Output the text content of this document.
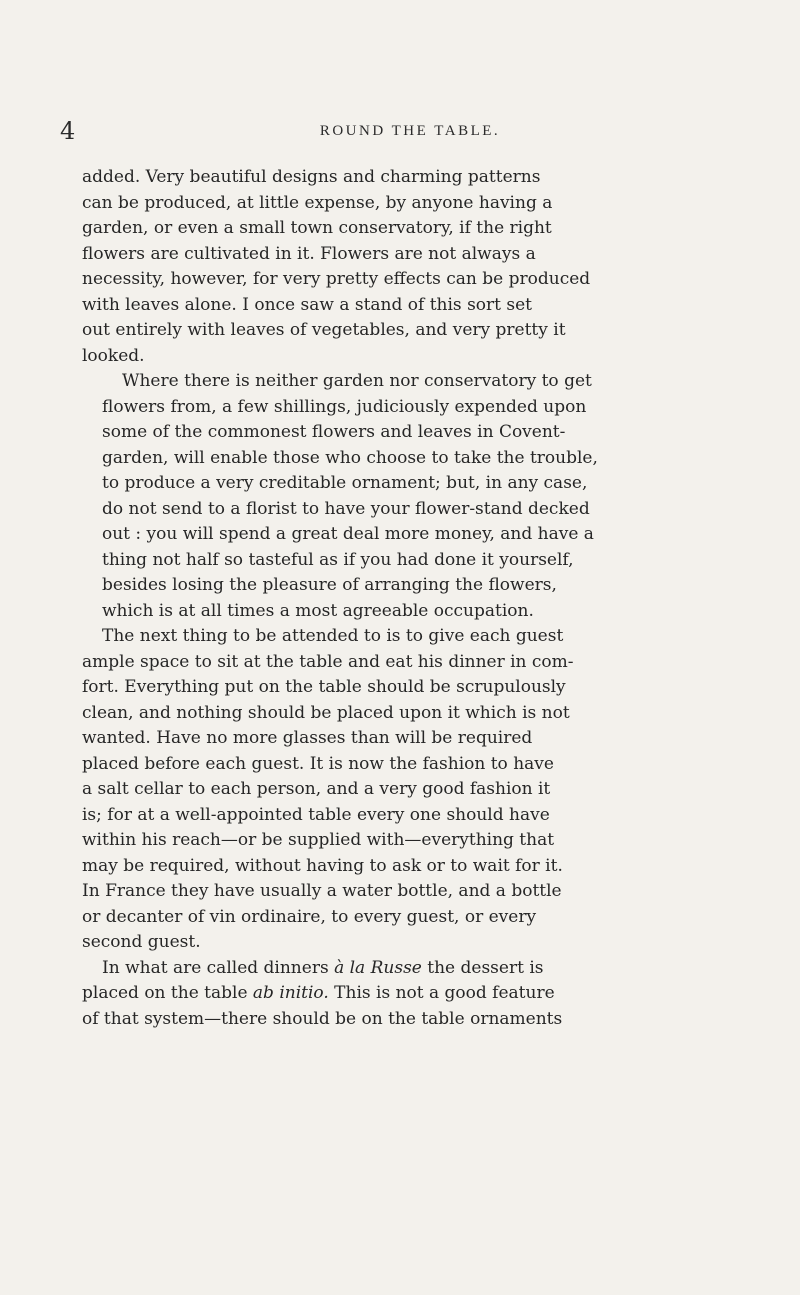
4	ROUND THE TABLE.

added. Very beautiful designs and charming patterns
can be produced, at little expense, by anyone having a
garden, or even a small town conservatory, if the right
flowers are cultivated in it. Flowers are not always a
necessity, however, for very pretty effects can be produced
with leaves alone. I once saw a stand of this sort set
out entirely with leaves of vegetables, and very pretty it
looked.

Where there is neither garden nor conservatory to get
flowers from, a few shillings, judiciously expended upon
some of the commonest flowers and leaves in Covent-
garden, will enable those who choose to take the trouble,
to produce a very creditable ornament; but, in any case,
do not send to a florist to have your flower-stand decked
out : you will spend a great deal more money, and have a
thing not half so tasteful as if you had done it yourself,
besides losing the pleasure of arranging the flowers,
which is at all times a most agreeable occupation.

The next thing to be attended to is to give each guest
ample space to sit at the table and eat his dinner in com-
fort. Everything put on the table should be scrupulously
clean, and nothing should be placed upon it which is not
wanted. Have no more glasses than will be required
placed before each guest. It is now the fashion to have
a salt cellar to each person, and a very good fashion it
is; for at a well-appointed table every one should have
within his reach—or be supplied with—everything that
may be required, without having to ask or to wait for it.
In France they have usually a water bottle, and a bottle
or decanter of vin ordinaire, to every guest, or every
second guest.

In what are called dinners à la Russe the dessert is
placed on the table ab initio. This is not a good feature
of that system—there should be on the table ornaments
